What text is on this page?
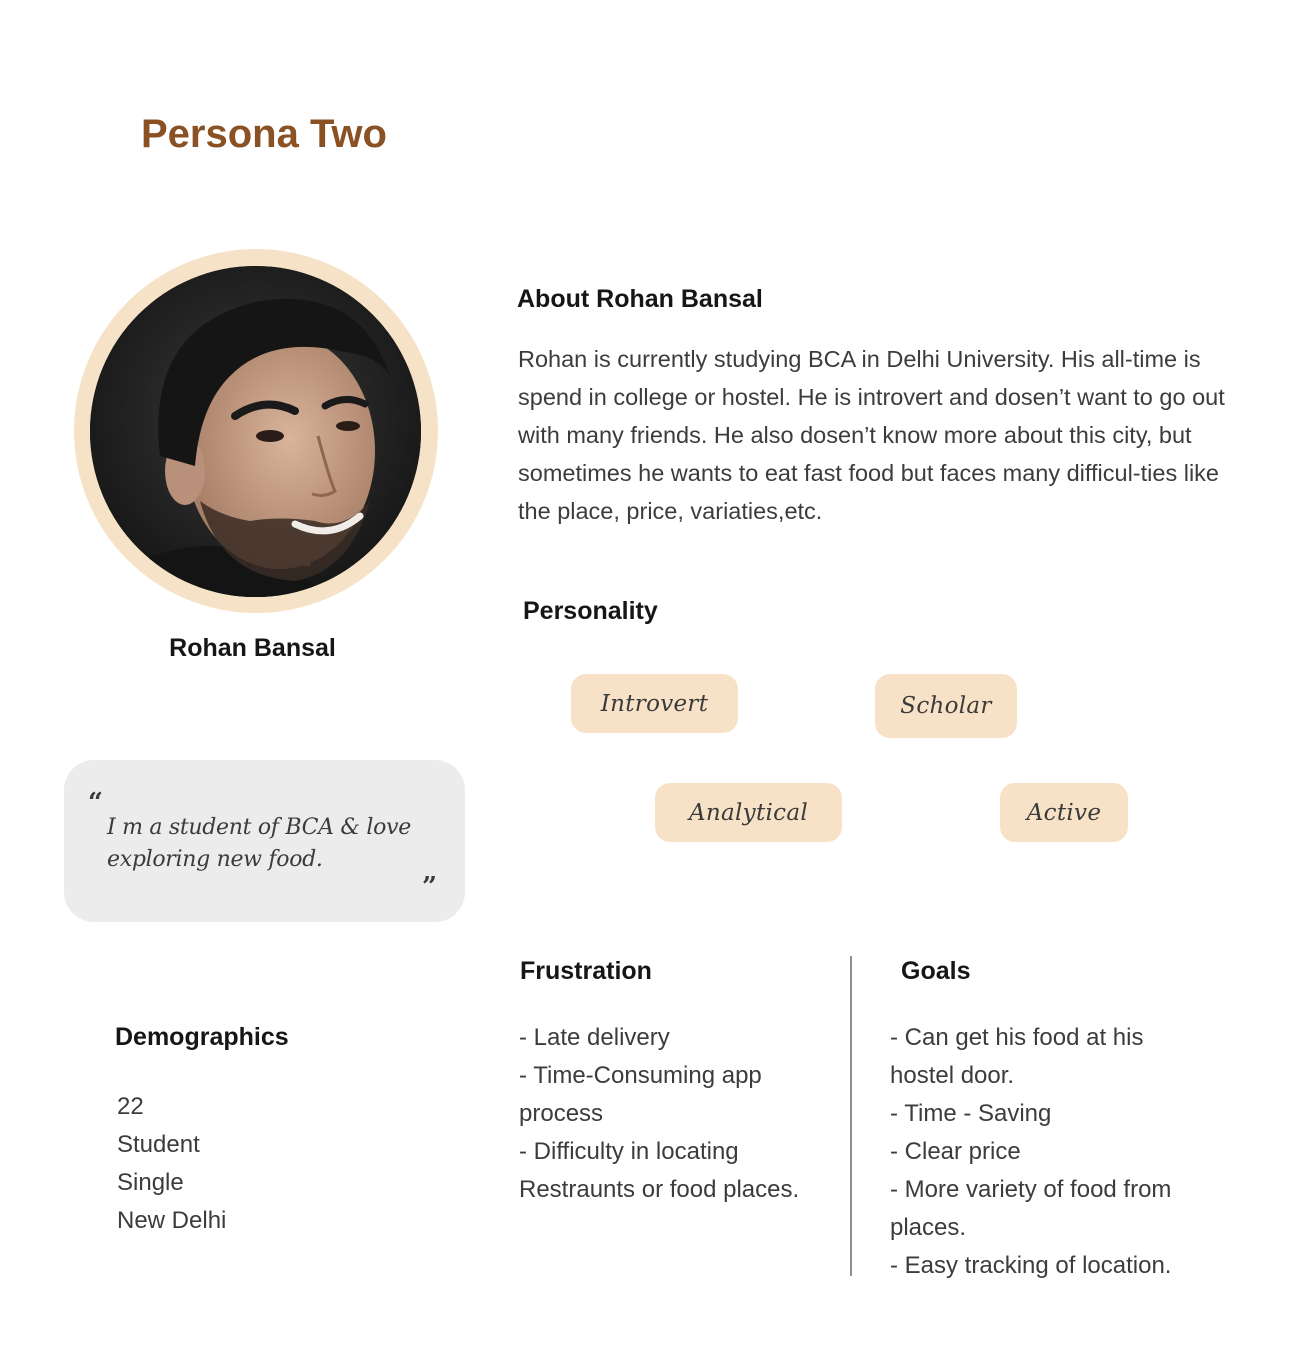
Persona Two
Rohan Bansal
“
I m a student of BCA & love exploring new food.
”
About Rohan Bansal
Rohan is currently studying BCA in Delhi University. His all-time is spend in college or hostel. He is introvert and dosen’t want to go out with many friends. He also dosen’t know more about this city, but sometimes he wants to eat fast food but faces many difficul-ties like the place, price, variaties,etc.
Personality
Introvert	Scholar
Analytical	Active
Frustration
- Late delivery
- Time-Consuming app process
- Difficulty in locating Restraunts or food places.
Goals
- Can get his food at his hostel door.
- Time - Saving
- Clear price
- More variety of food from places.
- Easy tracking of location.
Demographics
22
Student
Single
New Delhi
